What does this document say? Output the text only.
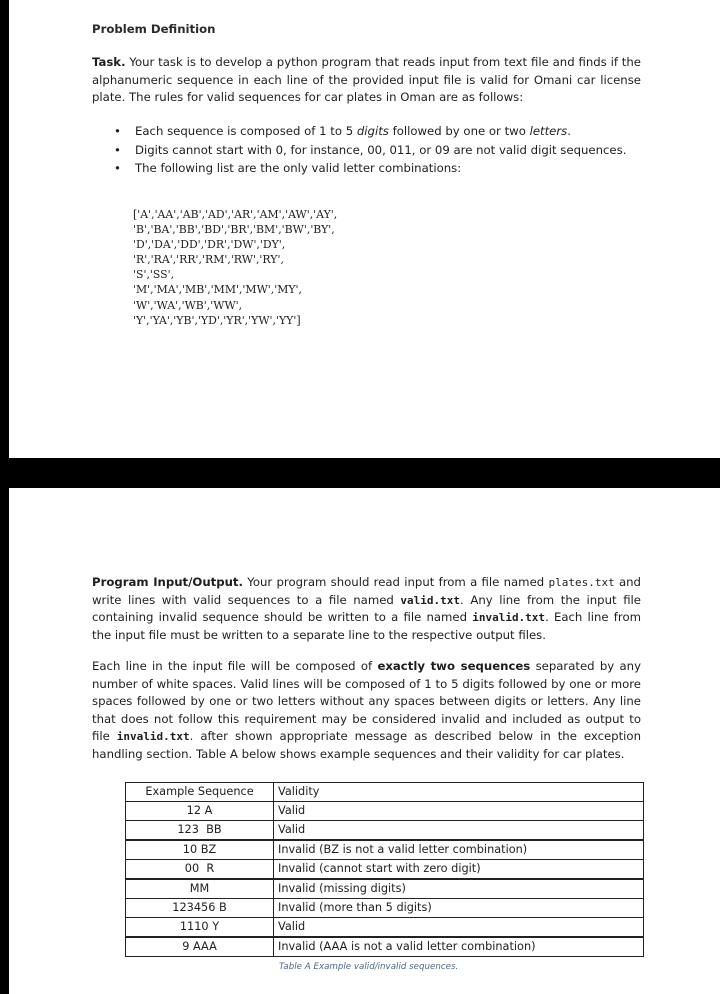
Problem Definition

Task. Your task is to develop a python program that reads input from text file and finds if the alphanumeric sequence in each line of the provided input file is valid for Omani car license plate. The rules for valid sequences for car plates in Oman are as follows:

• Each sequence is composed of 1 to 5 digits followed by one or two letters.
• Digits cannot start with 0, for instance, 00, 011, or 09 are not valid digit sequences.
• The following list are the only valid letter combinations:
['A','AA','AB','AD','AR','AM','AW','AY',
'B','BA','BB','BD','BR','BM','BW','BY',
'D','DA','DD','DR','DW','DY',
'R','RA','RR','RM','RW','RY',
'S','SS',
'M','MA','MB','MM','MW','MY',
'W','WA','WB','WW',
'Y','YA','YB','YD','YR','YW','YY']

Program Input/Output. Your program should read input from a file named plates.txt and write lines with valid sequences to a file named valid.txt. Any line from the input file containing invalid sequence should be written to a file named invalid.txt. Each line from the input file must be written to a separate line to the respective output files.

Each line in the input file will be composed of exactly two sequences separated by any number of white spaces. Valid lines will be composed of 1 to 5 digits followed by one or more spaces followed by one or two letters without any spaces between digits or letters. Any line that does not follow this requirement may be considered invalid and included as output to file invalid.txt. after shown appropriate message as described below in the exception handling section. Table A below shows example sequences and their validity for car plates.

Example Sequence	Validity
12 A	Valid
123  BB	Valid
10 BZ	Invalid (BZ is not a valid letter combination)
00  R	Invalid (cannot start with zero digit)
MM	Invalid (missing digits)
123456 B	Invalid (more than 5 digits)
1110 Y	Valid
9 AAA	Invalid (AAA is not a valid letter combination)
Table A Example valid/invalid sequences.
